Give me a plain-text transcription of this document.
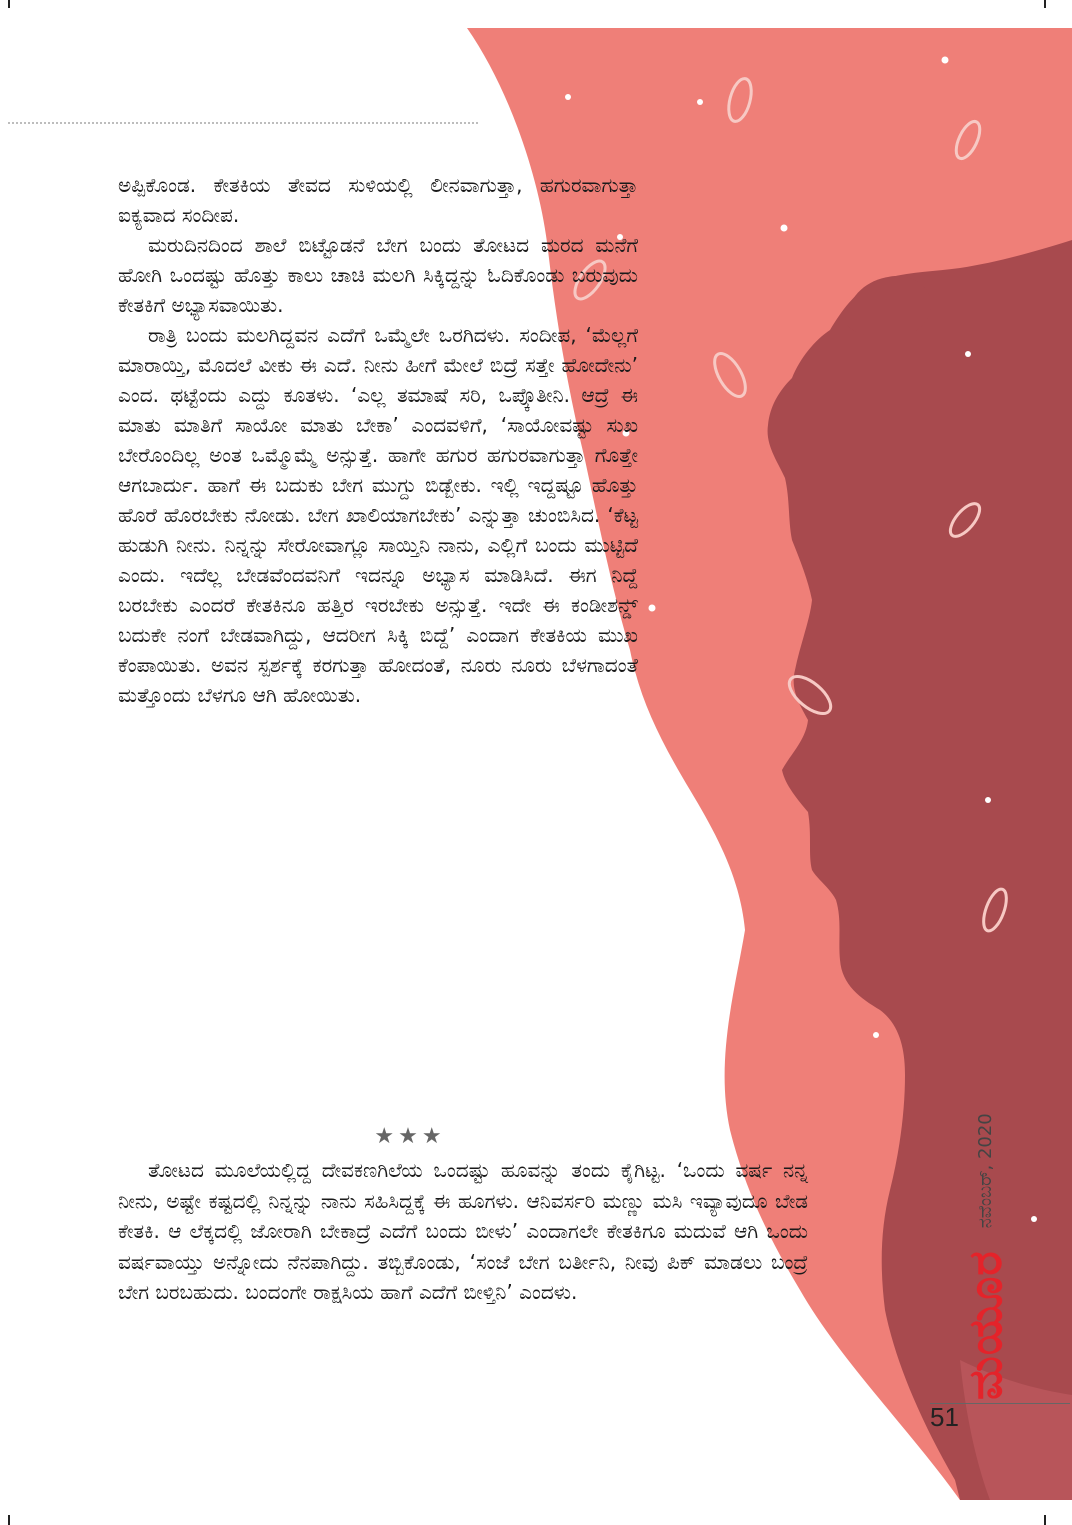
ಅಪ್ಪಿಕೊಂಡ. ಕೇತಕಿಯ ತೇವದ ಸುಳಿಯಲ್ಲಿ ಲೀನವಾಗುತ್ತಾ, ಹಗುರವಾಗುತ್ತಾ ಐಕ್ಯವಾದ ಸಂದೀಪ.

ಮರುದಿನದಿಂದ ಶಾಲೆ ಬಿಟ್ಟೊಡನೆ ಬೇಗ ಬಂದು ತೋಟದ ಮರದ ಮನೆಗೆ ಹೋಗಿ ಒಂದಷ್ಟು ಹೊತ್ತು ಕಾಲು ಚಾಚಿ ಮಲಗಿ ಸಿಕ್ಕಿದ್ದನ್ನು ಓದಿಕೊಂಡು ಬರುವುದು ಕೇತಕಿಗೆ ಅಭ್ಯಾಸವಾಯಿತು.

ರಾತ್ರಿ ಬಂದು ಮಲಗಿದ್ದವನ ಎದೆಗೆ ಒಮ್ಮೆಲೇ ಒರಗಿದಳು. ಸಂದೀಪ, ‘ಮೆಲ್ಲಗೆ ಮಾರಾಯ್ತಿ, ಮೊದಲೆ ವೀಕು ಈ ಎದೆ. ನೀನು ಹೀಗೆ ಮೇಲೆ ಬಿದ್ರೆ ಸತ್ತೇ ಹೋದೇನು’ ಎಂದ. ಥಟ್ಟೆಂದು ಎದ್ದು ಕೂತಳು. ‘ಎಲ್ಲ ತಮಾಷೆ ಸರಿ, ಒಪ್ಕೊತೀನಿ. ಆದ್ರೆ ಈ ಮಾತು ಮಾತಿಗೆ ಸಾಯೋ ಮಾತು ಬೇಕಾ’ ಎಂದವಳಿಗೆ, ‘ಸಾಯೋವಷ್ಟು ಸುಖ ಬೇರೊಂದಿಲ್ಲ ಅಂತ ಒಮ್ಮೊಮ್ಮೆ ಅನ್ಸುತ್ತೆ. ಹಾಗೇ ಹಗುರ ಹಗುರವಾಗುತ್ತಾ ಗೊತ್ತೇ ಆಗಬಾರ್ದು. ಹಾಗೆ ಈ ಬದುಕು ಬೇಗ ಮುಗ್ದು ಬಿಡ್ಬೇಕು. ಇಲ್ಲಿ ಇದ್ದಷ್ಟೂ ಹೊತ್ತು ಹೊರೆ ಹೊರಬೇಕು ನೋಡು. ಬೇಗ ಖಾಲಿಯಾಗಬೇಕು’ ಎನ್ನುತ್ತಾ ಚುಂಬಿಸಿದ. ‘ಕೆಟ್ಟ ಹುಡುಗಿ ನೀನು. ನಿನ್ನನ್ನು ಸೇರೋವಾಗ್ಲೂ ಸಾಯ್ತಿನಿ ನಾನು, ಎಲ್ಲಿಗೆ ಬಂದು ಮುಟ್ಟಿದೆ ಎಂದು. ಇದೆಲ್ಲ ಬೇಡವೆಂದವನಿಗೆ ಇದನ್ನೂ ಅಭ್ಯಾಸ ಮಾಡಿಸಿದೆ. ಈಗ ನಿದ್ದೆ ಬರಬೇಕು ಎಂದರೆ ಕೇತಕಿನೂ ಹತ್ತಿರ ಇರಬೇಕು ಅನ್ಸುತ್ತೆ. ಇದೇ ಈ ಕಂಡೀಶನ್ಡ್ ಬದುಕೇ ನಂಗೆ ಬೇಡವಾಗಿದ್ದು, ಆದರೀಗ ಸಿಕ್ಕಿ ಬಿದ್ದೆ’ ಎಂದಾಗ ಕೇತಕಿಯ ಮುಖ ಕೆಂಪಾಯಿತು. ಅವನ ಸ್ಪರ್ಶಕ್ಕೆ ಕರಗುತ್ತಾ ಹೋದಂತೆ, ನೂರು ನೂರು ಬೆಳಗಾದಂತೆ ಮತ್ತೊಂದು ಬೆಳಗೂ ಆಗಿ ಹೋಯಿತು.

★★★

ತೋಟದ ಮೂಲೆಯಲ್ಲಿದ್ದ ದೇವಕಣಗಿಲೆಯ ಒಂದಷ್ಟು ಹೂವನ್ನು ತಂದು ಕೈಗಿಟ್ಟ. ‘ಒಂದು ವರ್ಷ ನನ್ನ ನೀನು, ಅಷ್ಟೇ ಕಷ್ಟದಲ್ಲಿ ನಿನ್ನನ್ನು ನಾನು ಸಹಿಸಿದ್ದಕ್ಕೆ ಈ ಹೂಗಳು. ಆನಿವರ್ಸರಿ ಮಣ್ಣು ಮಸಿ ಇವ್ಯಾವುದೂ ಬೇಡ ಕೇತಕಿ. ಆ ಲೆಕ್ಕದಲ್ಲಿ ಜೋರಾಗಿ ಬೇಕಾದ್ರೆ ಎದೆಗೆ ಬಂದು ಬೀಳು’ ಎಂದಾಗಲೇ ಕೇತಕಿಗೂ ಮದುವೆ ಆಗಿ ಒಂದು ವರ್ಷವಾಯ್ತು ಅನ್ನೋದು ನೆನಪಾಗಿದ್ದು. ತಬ್ಬಿಕೊಂಡು, ‘ಸಂಜೆ ಬೇಗ ಬರ್ತೀನಿ, ನೀವು ಪಿಕ್ ಮಾಡಲು ಬಂದ್ರೆ ಬೇಗ ಬರಬಹುದು. ಬಂದಂಗೇ ರಾಕ್ಷಸಿಯ ಹಾಗೆ ಎದೆಗೆ ಬೀಳ್ತಿನಿ’ ಎಂದಳು.	ಮಯೂರನವೆಂಬರ್, 2020
51
